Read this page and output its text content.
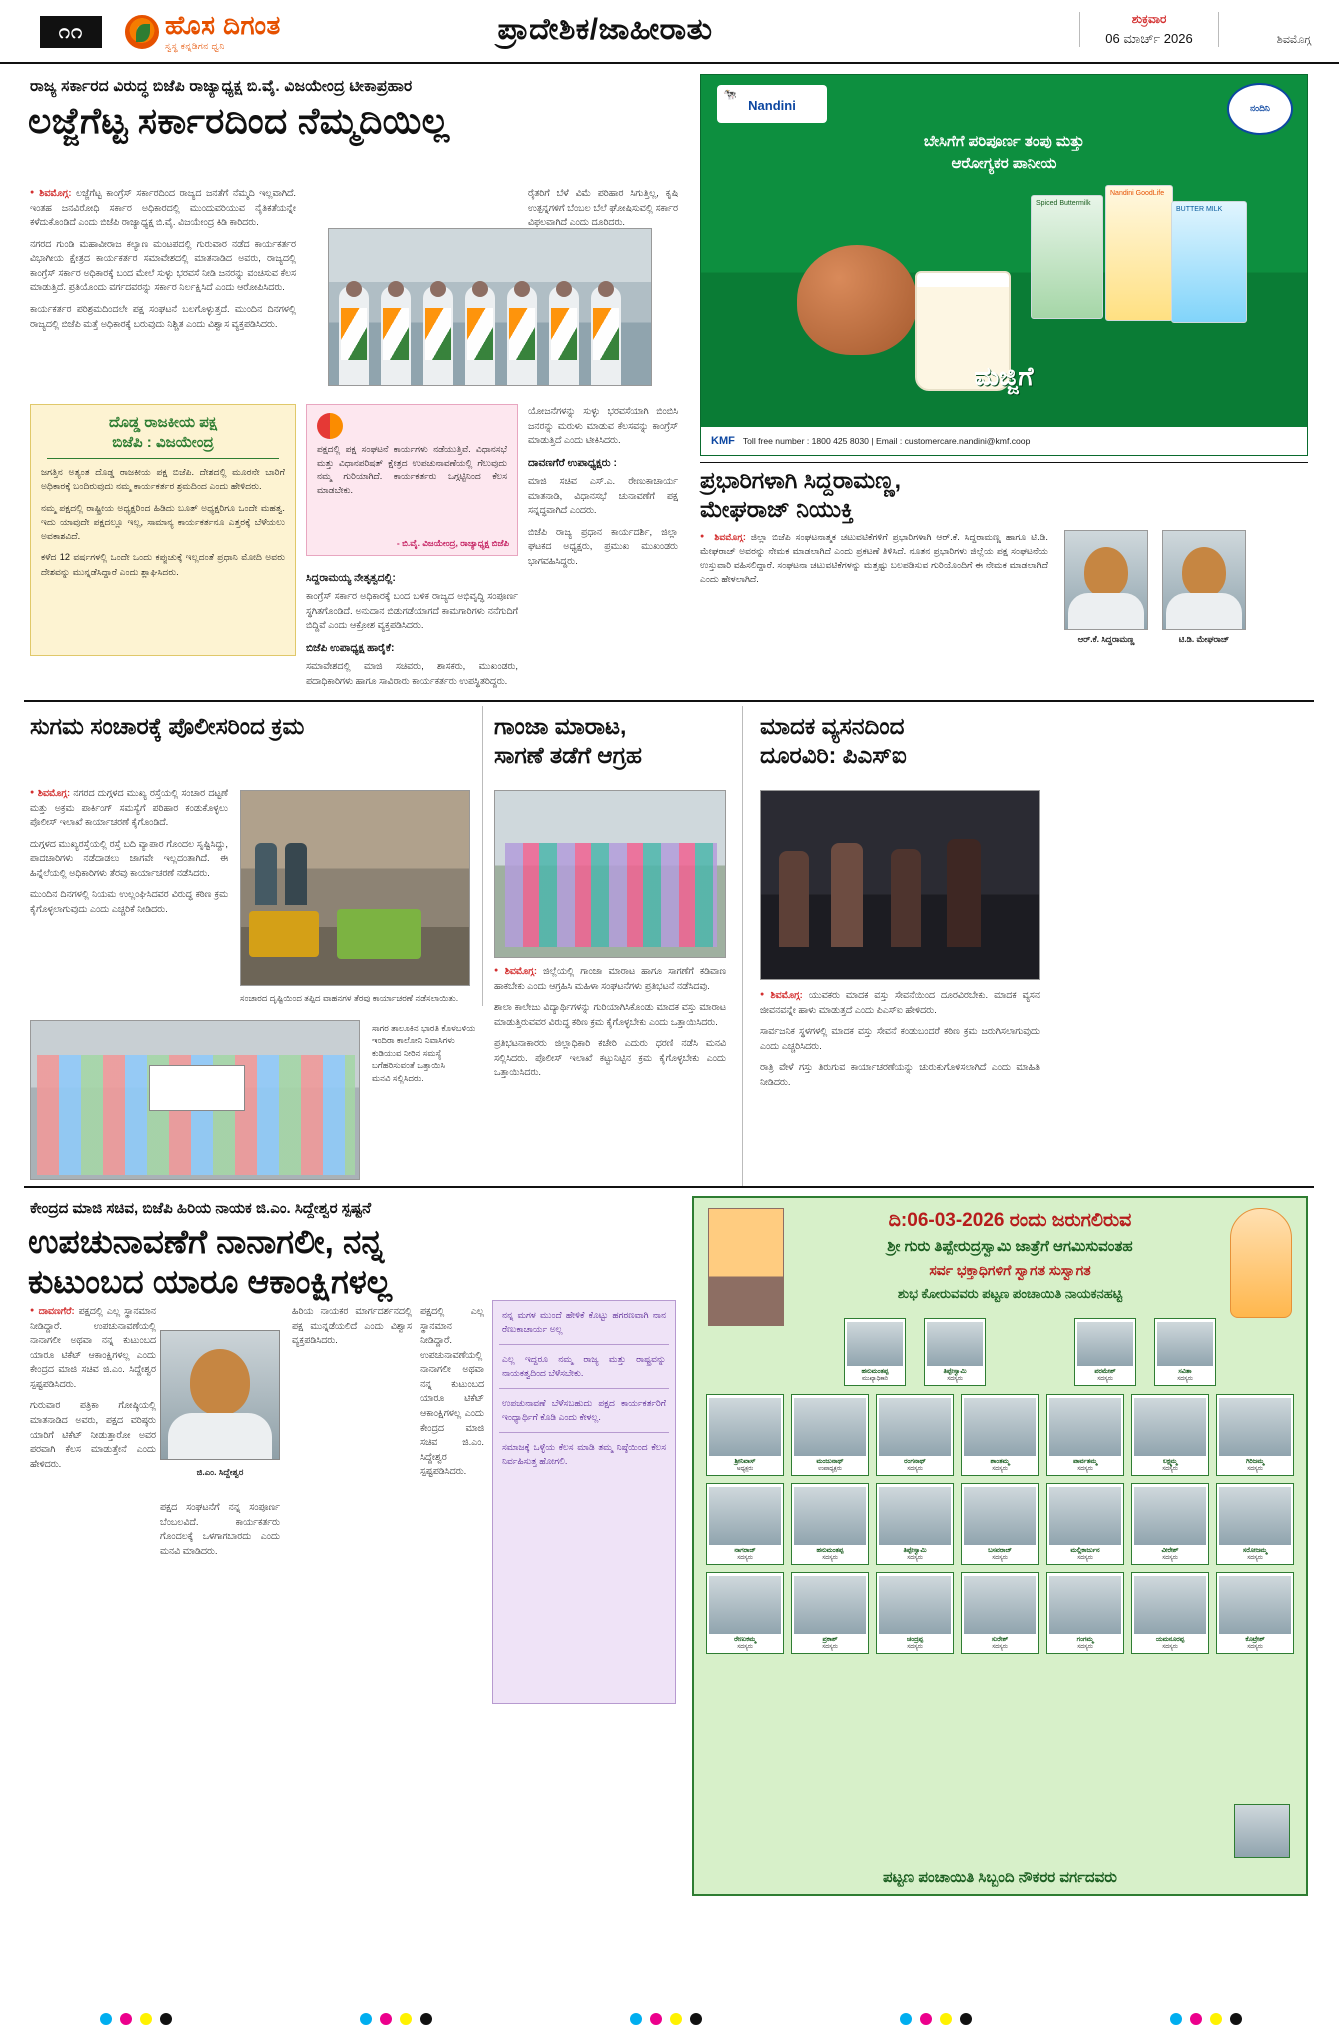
೧೧	ಹೊಸ ದಿಗಂತ
ಸ್ವಸ್ಥ ಕನ್ನಡಿಗನ ಧ್ವನಿ	ಪ್ರಾದೇಶಿಕ/ಜಾಹೀರಾತು	ಶುಕ್ರವಾರ
06 ಮಾರ್ಚ್ 2026	ಶಿವಮೊಗ್ಗ
ರಾಜ್ಯ ಸರ್ಕಾರದ ವಿರುದ್ಧ ಬಿಜೆಪಿ ರಾಜ್ಯಾಧ್ಯಕ್ಷ ಬಿ.ವೈ. ವಿಜಯೇಂದ್ರ ಟೀಕಾಪ್ರಹಾರ
ಲಜ್ಜೆಗೆಟ್ಟ ಸರ್ಕಾರದಿಂದ ನೆಮ್ಮದಿಯಿಲ್ಲ

● ಶಿವಮೊಗ್ಗ: ಲಜ್ಜೆಗೆಟ್ಟ ಕಾಂಗ್ರೆಸ್ ಸರ್ಕಾರದಿಂದ ರಾಜ್ಯದ ಜನತೆಗೆ ನೆಮ್ಮದಿ ಇಲ್ಲವಾಗಿದೆ. ಇಂತಹ ಜನವಿರೋಧಿ ಸರ್ಕಾರ ಅಧಿಕಾರದಲ್ಲಿ ಮುಂದುವರಿಯುವ ನೈತಿಕತೆಯನ್ನೇ ಕಳೆದುಕೊಂಡಿದೆ ಎಂದು ಬಿಜೆಪಿ ರಾಜ್ಯಾಧ್ಯಕ್ಷ ಬಿ.ವೈ. ವಿಜಯೇಂದ್ರ ಕಿಡಿ ಕಾರಿದರು.

ನಗರದ ಗುಂಡಿ ಮಹಾವೀರಾಜ ಕಲ್ಯಾಣ ಮಂಟಪದಲ್ಲಿ ಗುರುವಾರ ನಡೆದ ಕಾರ್ಯಕರ್ತರ ವಿಭಾಗೀಯ ಕ್ಷೇತ್ರದ ಕಾರ್ಯಕರ್ತರ ಸಮಾವೇಶದಲ್ಲಿ ಮಾತನಾಡಿದ ಅವರು, ರಾಜ್ಯದಲ್ಲಿ ಕಾಂಗ್ರೆಸ್ ಸರ್ಕಾರ ಅಧಿಕಾರಕ್ಕೆ ಬಂದ ಮೇಲೆ ಸುಳ್ಳು ಭರವಸೆ ನೀಡಿ ಜನರನ್ನು ವಂಚಿಸುವ ಕೆಲಸ ಮಾಡುತ್ತಿದೆ. ಪ್ರತಿಯೊಂದು ವರ್ಗದವರನ್ನು ಸರ್ಕಾರ ನಿರ್ಲಕ್ಷಿಸಿದೆ ಎಂದು ಆರೋಪಿಸಿದರು.

ಕಾರ್ಯಕರ್ತರ ಪರಿಶ್ರಮದಿಂದಲೇ ಪಕ್ಷ ಸಂಘಟನೆ ಬಲಗೊಳ್ಳುತ್ತದೆ. ಮುಂದಿನ ದಿನಗಳಲ್ಲಿ ರಾಜ್ಯದಲ್ಲಿ ಬಿಜೆಪಿ ಮತ್ತೆ ಅಧಿಕಾರಕ್ಕೆ ಬರುವುದು ನಿಶ್ಚಿತ ಎಂದು ವಿಶ್ವಾಸ ವ್ಯಕ್ತಪಡಿಸಿದರು.

ರೈತರಿಗೆ ಬೆಳೆ ವಿಮೆ ಪರಿಹಾರ ಸಿಗುತ್ತಿಲ್ಲ, ಕೃಷಿ ಉತ್ಪನ್ನಗಳಿಗೆ ಬೆಂಬಲ ಬೆಲೆ ಘೋಷಿಸುವಲ್ಲಿ ಸರ್ಕಾರ ವಿಫಲವಾಗಿದೆ ಎಂದು ದೂರಿದರು.

ದೊಡ್ಡ ರಾಜಕೀಯ ಪಕ್ಷ
ಬಿಜೆಪಿ : ವಿಜಯೇಂದ್ರ

ಜಗತ್ತಿನ ಅತ್ಯಂತ ದೊಡ್ಡ ರಾಜಕೀಯ ಪಕ್ಷ ಬಿಜೆಪಿ. ದೇಶದಲ್ಲಿ ಮೂರನೇ ಬಾರಿಗೆ ಅಧಿಕಾರಕ್ಕೆ ಬಂದಿರುವುದು ನಮ್ಮ ಕಾರ್ಯಕರ್ತರ ಶ್ರಮದಿಂದ ಎಂದು ಹೇಳಿದರು.

ನಮ್ಮ ಪಕ್ಷದಲ್ಲಿ ರಾಷ್ಟ್ರೀಯ ಅಧ್ಯಕ್ಷರಿಂದ ಹಿಡಿದು ಬೂತ್ ಅಧ್ಯಕ್ಷರಿಗೂ ಒಂದೇ ಮಹತ್ವ. ಇದು ಯಾವುದೇ ಪಕ್ಷದಲ್ಲೂ ಇಲ್ಲ, ಸಾಮಾನ್ಯ ಕಾರ್ಯಕರ್ತನೂ ಎತ್ತರಕ್ಕೆ ಬೆಳೆಯಲು ಅವಕಾಶವಿದೆ.

ಕಳೆದ 12 ವರ್ಷಗಳಲ್ಲಿ ಒಂದೇ ಒಂದು ಕಪ್ಪುಚುಕ್ಕೆ ಇಲ್ಲದಂತೆ ಪ್ರಧಾನಿ ಮೋದಿ ಅವರು ದೇಶವನ್ನು ಮುನ್ನಡೆಸಿದ್ದಾರೆ ಎಂದು ಶ್ಲಾಘಿಸಿದರು.

ಪಕ್ಷದಲ್ಲಿ ಪಕ್ಷ ಸಂಘಟನೆ ಕಾರ್ಯಗಳು ನಡೆಯುತ್ತಿವೆ. ವಿಧಾನಸಭೆ ಮತ್ತು ವಿಧಾನಪರಿಷತ್ ಕ್ಷೇತ್ರದ ಉಪಚುನಾವಣೆಯಲ್ಲಿ ಗೆಲುವುದು ನಮ್ಮ ಗುರಿಯಾಗಿದೆ. ಕಾರ್ಯಕರ್ತರು ಒಗ್ಗಟ್ಟಿನಿಂದ ಕೆಲಸ ಮಾಡಬೇಕು.
- ಬಿ.ವೈ. ವಿಜಯೇಂದ್ರ, ರಾಜ್ಯಾಧ್ಯಕ್ಷ ಬಿಜೆಪಿ
ಸಿದ್ದರಾಮಯ್ಯ ನೇತೃತ್ವದಲ್ಲಿ:

ಕಾಂಗ್ರೆಸ್ ಸರ್ಕಾರ ಅಧಿಕಾರಕ್ಕೆ ಬಂದ ಬಳಿಕ ರಾಜ್ಯದ ಅಭಿವೃದ್ಧಿ ಸಂಪೂರ್ಣ ಸ್ಥಗಿತಗೊಂಡಿದೆ. ಅನುದಾನ ಬಿಡುಗಡೆಯಾಗದೆ ಕಾಮಗಾರಿಗಳು ನನೆಗುದಿಗೆ ಬಿದ್ದಿವೆ ಎಂದು ಆಕ್ರೋಶ ವ್ಯಕ್ತಪಡಿಸಿದರು.

ಬಿಜೆಪಿ ಉಪಾಧ್ಯಕ್ಷ ಹಾರೈಕೆ:

ಸಮಾವೇಶದಲ್ಲಿ ಮಾಜಿ ಸಚಿವರು, ಶಾಸಕರು, ಮುಖಂಡರು, ಪದಾಧಿಕಾರಿಗಳು ಹಾಗೂ ಸಾವಿರಾರು ಕಾರ್ಯಕರ್ತರು ಉಪಸ್ಥಿತರಿದ್ದರು.

ಯೋಜನೆಗಳನ್ನು ಸುಳ್ಳು ಭರವಸೆಯಾಗಿ ಬಿಂಬಿಸಿ ಜನರನ್ನು ಮರುಳು ಮಾಡುವ ಕೆಲಸವನ್ನು ಕಾಂಗ್ರೆಸ್ ಮಾಡುತ್ತಿದೆ ಎಂದು ಟೀಕಿಸಿದರು.

ದಾವಣಗೆರೆ ಉಪಾಧ್ಯಕ್ಷರು :

ಮಾಜಿ ಸಚಿವ ಎಸ್.ಎ. ರೇಣುಕಾಚಾರ್ಯ ಮಾತನಾಡಿ, ವಿಧಾನಸಭೆ ಚುನಾವಣೆಗೆ ಪಕ್ಷ ಸನ್ನದ್ಧವಾಗಿದೆ ಎಂದರು.

ಬಿಜೆಪಿ ರಾಜ್ಯ ಪ್ರಧಾನ ಕಾರ್ಯದರ್ಶಿ, ಜಿಲ್ಲಾ ಘಟಕದ ಅಧ್ಯಕ್ಷರು, ಪ್ರಮುಖ ಮುಖಂಡರು ಭಾಗವಹಿಸಿದ್ದರು.

🐄
Nandini	ನಂದಿನಿ
ಬೇಸಿಗೆಗೆ ಪರಿಪೂರ್ಣ ತಂಪು ಮತ್ತು
ಆರೋಗ್ಯಕರ ಪಾನೀಯ
Spiced Buttermilk
Nandini GoodLife
BUTTER MILK
ಮಜ್ಜಿಗೆ
KMF Toll free number : 1800 425 8030 | Email : customercare.nandini@kmf.coop
ಪ್ರಭಾರಿಗಳಾಗಿ ಸಿದ್ದರಾಮಣ್ಣ,
ಮೇಘರಾಜ್ ನಿಯುಕ್ತಿ

● ಶಿವಮೊಗ್ಗ: ಜಿಲ್ಲಾ ಬಿಜೆಪಿ ಸಂಘಟನಾತ್ಮಕ ಚಟುವಟಿಕೆಗಳಿಗೆ ಪ್ರಭಾರಿಗಳಾಗಿ ಆರ್.ಕೆ. ಸಿದ್ದರಾಮಣ್ಣ ಹಾಗೂ ಟಿ.ಡಿ. ಮೇಘರಾಜ್ ಅವರನ್ನು ನೇಮಕ ಮಾಡಲಾಗಿದೆ ಎಂದು ಪ್ರಕಟಣೆ ತಿಳಿಸಿದೆ. ನೂತನ ಪ್ರಭಾರಿಗಳು ಜಿಲ್ಲೆಯ ಪಕ್ಷ ಸಂಘಟನೆಯ ಉಸ್ತುವಾರಿ ವಹಿಸಲಿದ್ದಾರೆ. ಸಂಘಟನಾ ಚಟುವಟಿಕೆಗಳನ್ನು ಮತ್ತಷ್ಟು ಬಲಪಡಿಸುವ ಗುರಿಯೊಂದಿಗೆ ಈ ನೇಮಕ ಮಾಡಲಾಗಿದೆ ಎಂದು ಹೇಳಲಾಗಿದೆ.

ಆರ್.ಕೆ. ಸಿದ್ದರಾಮಣ್ಣ	ಟಿ.ಡಿ. ಮೇಘರಾಜ್
ಸುಗಮ ಸಂಚಾರಕ್ಕೆ ಪೊಲೀಸರಿಂದ ಕ್ರಮ

● ಶಿವಮೊಗ್ಗ: ನಗರದ ದುಗ್ಗಳದ ಮುಖ್ಯ ರಸ್ತೆಯಲ್ಲಿ ಸಂಚಾರ ದಟ್ಟಣೆ ಮತ್ತು ಅಕ್ರಮ ಪಾರ್ಕಿಂಗ್ ಸಮಸ್ಯೆಗೆ ಪರಿಹಾರ ಕಂಡುಕೊಳ್ಳಲು ಪೊಲೀಸ್ ಇಲಾಖೆ ಕಾರ್ಯಾಚರಣೆ ಕೈಗೊಂಡಿದೆ.

ದುಗ್ಗಳದ ಮುಖ್ಯರಸ್ತೆಯಲ್ಲಿ ರಸ್ತೆ ಬದಿ ವ್ಯಾಪಾರ ಗೊಂದಲ ಸೃಷ್ಟಿಸಿದ್ದು, ಪಾದಚಾರಿಗಳು ನಡೆದಾಡಲು ಜಾಗವೇ ಇಲ್ಲದಂತಾಗಿದೆ. ಈ ಹಿನ್ನೆಲೆಯಲ್ಲಿ ಅಧಿಕಾರಿಗಳು ತೆರವು ಕಾರ್ಯಾಚರಣೆ ನಡೆಸಿದರು.

ಮುಂದಿನ ದಿನಗಳಲ್ಲಿ ನಿಯಮ ಉಲ್ಲಂಘಿಸಿದವರ ವಿರುದ್ಧ ಕಠಿಣ ಕ್ರಮ ಕೈಗೊಳ್ಳಲಾಗುವುದು ಎಂದು ಎಚ್ಚರಿಕೆ ನೀಡಿದರು.

ಸಂಚಾರದ ದೃಷ್ಟಿಯಿಂದ ತಪ್ಪಿದ ವಾಹನಗಳ ತೆರವು ಕಾರ್ಯಾಚರಣೆ ನಡೆಸಲಾಯಿತು.
ಗಾಂಜಾ ಮಾರಾಟ,
ಸಾಗಣೆ ತಡೆಗೆ ಆಗ್ರಹ

● ಶಿವಮೊಗ್ಗ: ಜಿಲ್ಲೆಯಲ್ಲಿ ಗಾಂಜಾ ಮಾರಾಟ ಹಾಗೂ ಸಾಗಣೆಗೆ ಕಡಿವಾಣ ಹಾಕಬೇಕು ಎಂದು ಆಗ್ರಹಿಸಿ ಮಹಿಳಾ ಸಂಘಟನೆಗಳು ಪ್ರತಿಭಟನೆ ನಡೆಸಿದವು.

ಶಾಲಾ ಕಾಲೇಜು ವಿದ್ಯಾರ್ಥಿಗಳನ್ನು ಗುರಿಯಾಗಿಸಿಕೊಂಡು ಮಾದಕ ವಸ್ತು ಮಾರಾಟ ಮಾಡುತ್ತಿರುವವರ ವಿರುದ್ಧ ಕಠಿಣ ಕ್ರಮ ಕೈಗೊಳ್ಳಬೇಕು ಎಂದು ಒತ್ತಾಯಿಸಿದರು.

ಪ್ರತಿಭಟನಾಕಾರರು ಜಿಲ್ಲಾಧಿಕಾರಿ ಕಚೇರಿ ಎದುರು ಧರಣಿ ನಡೆಸಿ ಮನವಿ ಸಲ್ಲಿಸಿದರು. ಪೊಲೀಸ್ ಇಲಾಖೆ ಕಟ್ಟುನಿಟ್ಟಿನ ಕ್ರಮ ಕೈಗೊಳ್ಳಬೇಕು ಎಂದು ಒತ್ತಾಯಿಸಿದರು.

ಮಾದಕ ವ್ಯಸನದಿಂದ
ದೂರವಿರಿ: ಪಿಎಸ್ಐ

● ಶಿವಮೊಗ್ಗ: ಯುವಕರು ಮಾದಕ ವಸ್ತು ಸೇವನೆಯಿಂದ ದೂರವಿರಬೇಕು. ಮಾದಕ ವ್ಯಸನ ಜೀವನವನ್ನೇ ಹಾಳು ಮಾಡುತ್ತದೆ ಎಂದು ಪಿಎಸ್ಐ ಹೇಳಿದರು.

ಸಾರ್ವಜನಿಕ ಸ್ಥಳಗಳಲ್ಲಿ ಮಾದಕ ವಸ್ತು ಸೇವನೆ ಕಂಡುಬಂದರೆ ಕಠಿಣ ಕ್ರಮ ಜರುಗಿಸಲಾಗುವುದು ಎಂದು ಎಚ್ಚರಿಸಿದರು.

ರಾತ್ರಿ ವೇಳೆ ಗಸ್ತು ತಿರುಗುವ ಕಾರ್ಯಾಚರಣೆಯನ್ನು ಚುರುಕುಗೊಳಿಸಲಾಗಿದೆ ಎಂದು ಮಾಹಿತಿ ನೀಡಿದರು.

ಸಾಗರ ತಾಲೂಕಿನ ಭಾರತಿ ಕೊಳಬಳಿಯ
ಇಂದಿರಾ ಕಾಲೋನಿ ನಿವಾಸಿಗಳು
ಕುಡಿಯುವ ನೀರಿನ ಸಮಸ್ಯೆ
ಬಗೆಹರಿಸುವಂತೆ ಒತ್ತಾಯಿಸಿ
ಮನವಿ ಸಲ್ಲಿಸಿದರು.
ಕೇಂದ್ರದ ಮಾಜಿ ಸಚಿವ, ಬಿಜೆಪಿ ಹಿರಿಯ ನಾಯಕ ಜಿ.ಎಂ. ಸಿದ್ದೇಶ್ವರ ಸ್ಪಷ್ಟನೆ
ಉಪಚುನಾವಣೆಗೆ ನಾನಾಗಲೀ, ನನ್ನ
ಕುಟುಂಬದ ಯಾರೂ ಆಕಾಂಕ್ಷಿಗಳಲ್ಲ

● ದಾವಣಗೆರೆ: ಪಕ್ಷದಲ್ಲಿ ಎಲ್ಲ ಸ್ಥಾನಮಾನ ನೀಡಿದ್ದಾರೆ. ಉಪಚುನಾವಣೆಯಲ್ಲಿ ನಾನಾಗಲೀ ಅಥವಾ ನನ್ನ ಕುಟುಂಬದ ಯಾರೂ ಟಿಕೆಟ್ ಆಕಾಂಕ್ಷಿಗಳಲ್ಲ ಎಂದು ಕೇಂದ್ರದ ಮಾಜಿ ಸಚಿವ ಜಿ.ಎಂ. ಸಿದ್ದೇಶ್ವರ ಸ್ಪಷ್ಟಪಡಿಸಿದರು.

ಗುರುವಾರ ಪತ್ರಿಕಾ ಗೋಷ್ಠಿಯಲ್ಲಿ ಮಾತನಾಡಿದ ಅವರು, ಪಕ್ಷದ ವರಿಷ್ಠರು ಯಾರಿಗೆ ಟಿಕೆಟ್ ನೀಡುತ್ತಾರೋ ಅವರ ಪರವಾಗಿ ಕೆಲಸ ಮಾಡುತ್ತೇನೆ ಎಂದು ಹೇಳಿದರು.

ಜಿ.ಎಂ. ಸಿದ್ದೇಶ್ವರ

ಪಕ್ಷದ ಸಂಘಟನೆಗೆ ನನ್ನ ಸಂಪೂರ್ಣ ಬೆಂಬಲವಿದೆ. ಕಾರ್ಯಕರ್ತರು ಗೊಂದಲಕ್ಕೆ ಒಳಗಾಗಬಾರದು ಎಂದು ಮನವಿ ಮಾಡಿದರು.

ಹಿರಿಯ ನಾಯಕರ ಮಾರ್ಗದರ್ಶನದಲ್ಲಿ ಪಕ್ಷ ಮುನ್ನಡೆಯಲಿದೆ ಎಂದು ವಿಶ್ವಾಸ ವ್ಯಕ್ತಪಡಿಸಿದರು.

ಪಕ್ಷದಲ್ಲಿ ಎಲ್ಲ ಸ್ಥಾನಮಾನ ನೀಡಿದ್ದಾರೆ. ಉಪಚುನಾವಣೆಯಲ್ಲಿ ನಾನಾಗಲೀ ಅಥವಾ ನನ್ನ ಕುಟುಂಬದ ಯಾರೂ ಟಿಕೆಟ್ ಆಕಾಂಕ್ಷಿಗಳಲ್ಲ ಎಂದು ಕೇಂದ್ರದ ಮಾಜಿ ಸಚಿವ ಜಿ.ಎಂ. ಸಿದ್ದೇಶ್ವರ ಸ್ಪಷ್ಟಪಡಿಸಿದರು.

ನನ್ನ ಮಗಳ ಮುಂದೆ ಹೇಳಿಕೆ ಕೊಟ್ಟು ಹಗರಣವಾಗಿ ನಾನ ರೆಣುಕಾಚಾರ್ಯ ಅಲ್ಲ
ಎಲ್ಲ ಇದ್ದರೂ ನಮ್ಮ ರಾಜ್ಯ ಮತ್ತು ರಾಷ್ಟ್ರವನ್ನು ನಾಯಕತ್ವದಿಂದ ಬೆಳೆಸಬೇಕು.
ಉಪಚುನಾವಣೆ ಬೆಳೆಸಬಹುದು ಪಕ್ಷದ ಕಾರ್ಯಕರ್ತರಿಗೆ ಇಂಧ್ಯಾರ್ಥಿಗೆ ಕೊಡಿ ಎಂದು ಕೇಳಲ್ಲ.
ಸಮಾಜಕ್ಕೆ ಒಳ್ಳೆಯ ಕೆಲಸ ಮಾಡಿ ತಮ್ಮ ನಿಷ್ಠೆಯಿಂದ ಕೆಲಸ ನಿರ್ವಹಿಸುತ್ತ ಹೋಗಲಿ.
ದಿ:06-03-2026 ರಂದು ಜರುಗಲಿರುವ
ಶ್ರೀ ಗುರು ತಿಪ್ಪೇರುದ್ರಸ್ವಾಮಿ ಜಾತ್ರೆಗೆ ಆಗಮಿಸುವಂತಹ
ಸರ್ವ ಭಕ್ತಾಧಿಗಳಿಗೆ ಸ್ವಾಗತ ಸುಸ್ವಾಗತ
ಶುಭ ಕೋರುವವರು ಪಟ್ಟಣ ಪಂಚಾಯಿತಿ ನಾಯಕನಹಟ್ಟಿ
ಹನುಮಂತಪ್ಪ
ಮುಖ್ಯಾಧಿಕಾರಿ
ತಿಪ್ಪೇಸ್ವಾಮಿ
ಸದಸ್ಯರು
ಪರಮೇಶ್
ಸದಸ್ಯರು
ಸವಿತಾ
ಸದಸ್ಯರು
ಶ್ರೀನಿವಾಸ್
ಅಧ್ಯಕ್ಷರು
ಮಂಜುನಾಥ್
ಉಪಾಧ್ಯಕ್ಷರು
ರಂಗನಾಥ್
ಸದಸ್ಯರು
ಶಾಂತಮ್ಮ
ಸದಸ್ಯರು
ಪಾರ್ವತಮ್ಮ
ಸದಸ್ಯರು
ಲಕ್ಷ್ಮಮ್ಮ
ಸದಸ್ಯರು
ಗಿರಿಜಮ್ಮ
ಸದಸ್ಯರು
ನಾಗರಾಜ್
ಸದಸ್ಯರು
ಹನುಮಂತಪ್ಪ
ಸದಸ್ಯರು
ತಿಪ್ಪೇಸ್ವಾಮಿ
ಸದಸ್ಯರು
ಬಸವರಾಜ್
ಸದಸ್ಯರು
ಮಲ್ಲಿಕಾರ್ಜುನ
ಸದಸ್ಯರು
ವೀರೇಶ್
ಸದಸ್ಯರು
ಸರೋಜಮ್ಮ
ಸದಸ್ಯರು
ರೇಣುಕಮ್ಮ
ಸದಸ್ಯರು
ಪ್ರಕಾಶ್
ಸದಸ್ಯರು
ಚಂದ್ರಪ್ಪ
ಸದಸ್ಯರು
ಸುರೇಶ್
ಸದಸ್ಯರು
ಗಂಗಮ್ಮ
ಸದಸ್ಯರು
ಯಮನೂರಪ್ಪ
ಸದಸ್ಯರು
ಕೊಟ್ರೇಶ್
ಸದಸ್ಯರು
ಪಟ್ಟಣ ಪಂಚಾಯಿತಿ ಸಿಬ್ಬಂದಿ ನೌಕರರ ವರ್ಗದವರು
